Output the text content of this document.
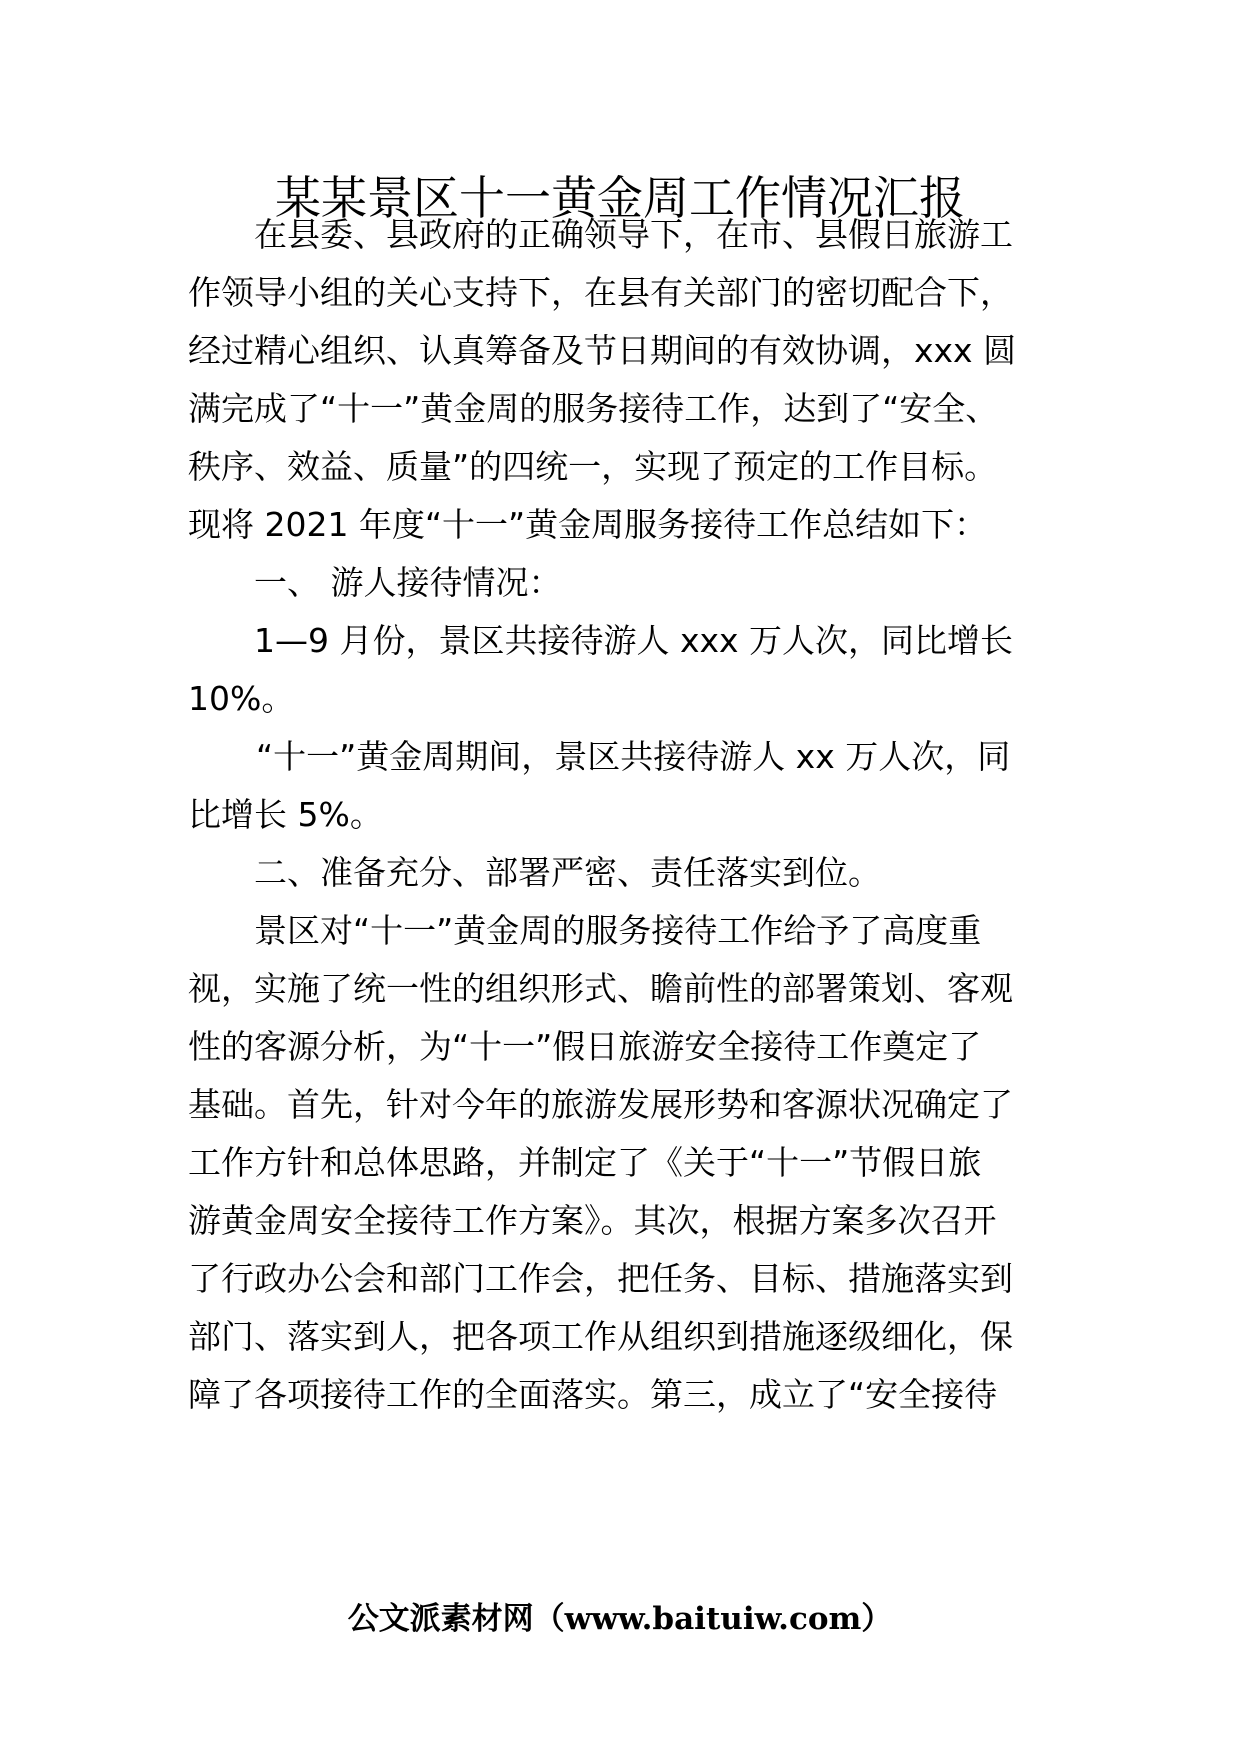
某某景区十一黄金周工作情况汇报
在县委、县政府的正确领导下，在市、县假日旅游工
作领导小组的关心支持下，在县有关部门的密切配合下，
经过精心组织、认真筹备及节日期间的有效协调，xxx 圆
满完成了“十一”黄金周的服务接待工作，达到了“安全、
秩序、效益、质量”的四统一，实现了预定的工作目标。
现将 2021 年度“十一”黄金周服务接待工作总结如下：
一、 游人接待情况：
1—9 月份，景区共接待游人 xxx 万人次，同比增长
10%。
“十一”黄金周期间，景区共接待游人 xx 万人次，同
比增长 5%。
二、准备充分、部署严密、责任落实到位。
景区对“十一”黄金周的服务接待工作给予了高度重
视，实施了统一性的组织形式、瞻前性的部署策划、客观
性的客源分析，为“十一”假日旅游安全接待工作奠定了
基础。首先，针对今年的旅游发展形势和客源状况确定了
工作方针和总体思路，并制定了《关于“十一”节假日旅
游黄金周安全接待工作方案》。其次，根据方案多次召开
了行政办公会和部门工作会，把任务、目标、措施落实到
部门、落实到人，把各项工作从组织到措施逐级细化，保
障了各项接待工作的全面落实。第三，成立了“安全接待
公文派素材网（www.baituiw.com）
